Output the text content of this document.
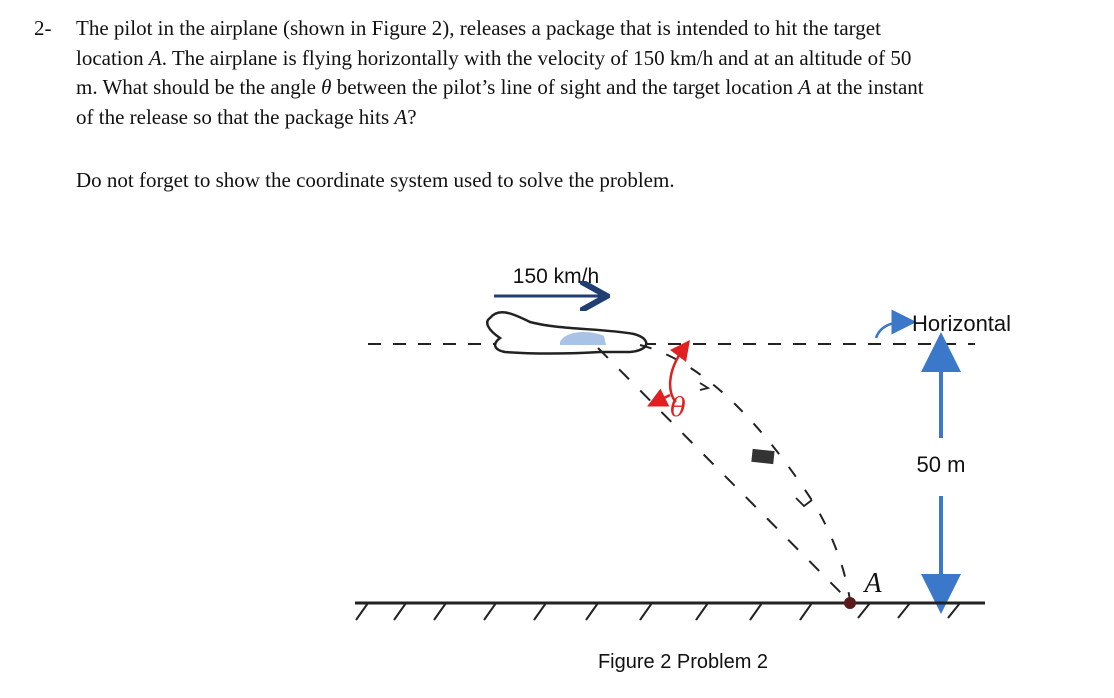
2- The pilot in the airplane (shown in Figure 2), releases a package that is intended to hit the target
location A. The airplane is flying horizontally with the velocity of 150 km/h and at an altitude of 50
m. What should be the angle θ between the pilot’s line of sight and the target location A at the instant
of the release so that the package hits A?
Do not forget to show the coordinate system used to solve the problem.
150 km/h
θ
Horizontal
50 m
A
Figure 2 Problem 2
